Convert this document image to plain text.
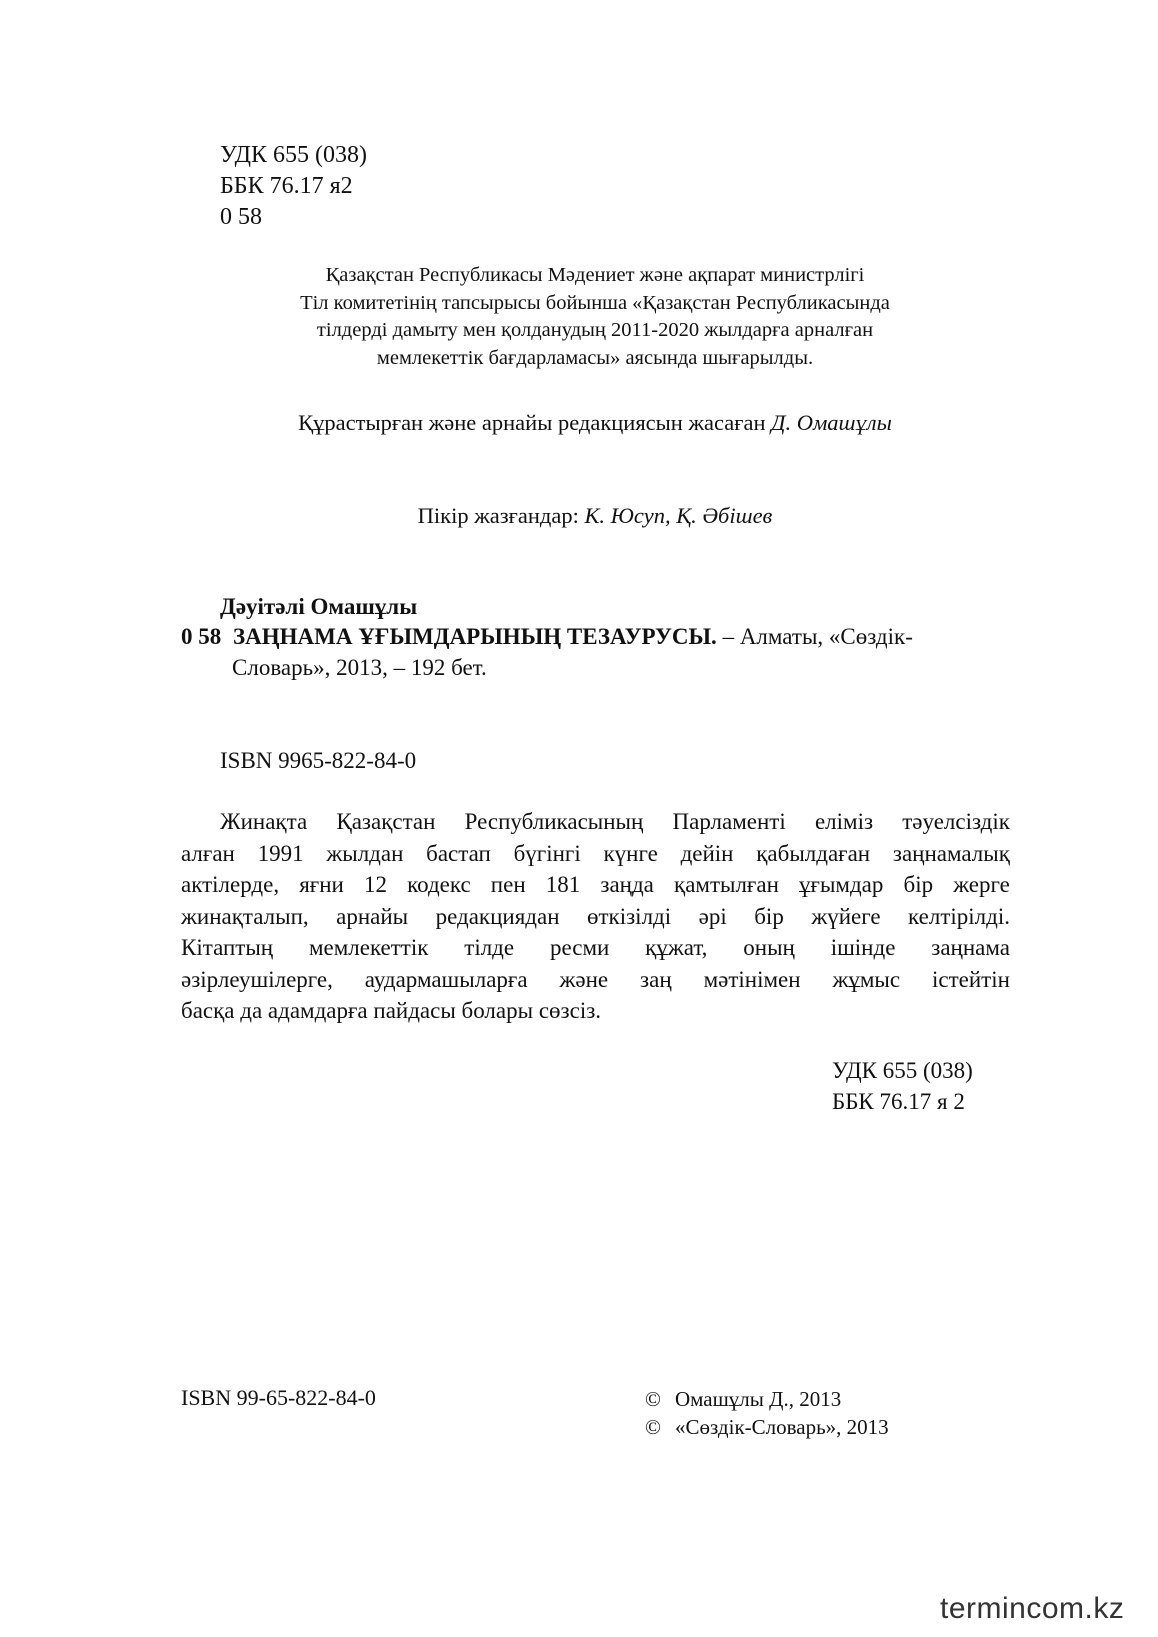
УДК 655 (038)
ББК 76.17 я2
0 58
Қазақстан Республикасы Мәдениет және ақпарат министрлігі
Тіл комитетінің тапсырысы бойынша «Қазақстан Республикасында
тілдерді дамыту мен қолданудың 2011-2020 жылдарға арналған
мемлекеттік бағдарламасы» аясында шығарылды.
Құрастырған және арнайы редакциясын жасаған Д. Омашұлы
Пікір жазғандар: К. Юсуп, Қ. Әбішев
Дәуітәлі Омашұлы
0 58 ЗАҢНАМА ҰҒЫМДАРЫНЫҢ ТЕЗАУРУСЫ. – Алматы, «Сөздік-
Словарь», 2013, – 192 бет.
ISBN 9965-822-84-0
Жинақта Қазақстан Республикасының Парламенті еліміз тәуелсіздік
алған 1991 жылдан бастап бүгінгі күнге дейін қабылдаған заңнамалық
актілерде, яғни 12 кодекс пен 181 заңда қамтылған ұғымдар бір жерге
жинақталып, арнайы редакциядан өткізілді әрі бір жүйеге келтірілді.
Кітаптың мемлекеттік тілде ресми құжат, оның ішінде заңнама
әзірлеушілерге, аудармашыларға және заң мәтінімен жұмыс істейтін
басқа да адамдарға пайдасы болары сөзсіз.
УДК 655 (038)
ББК 76.17 я 2
ISBN 99-65-822-84-0	© Омашұлы Д., 2013
© «Сөздік-Словарь», 2013
termincom.kz
